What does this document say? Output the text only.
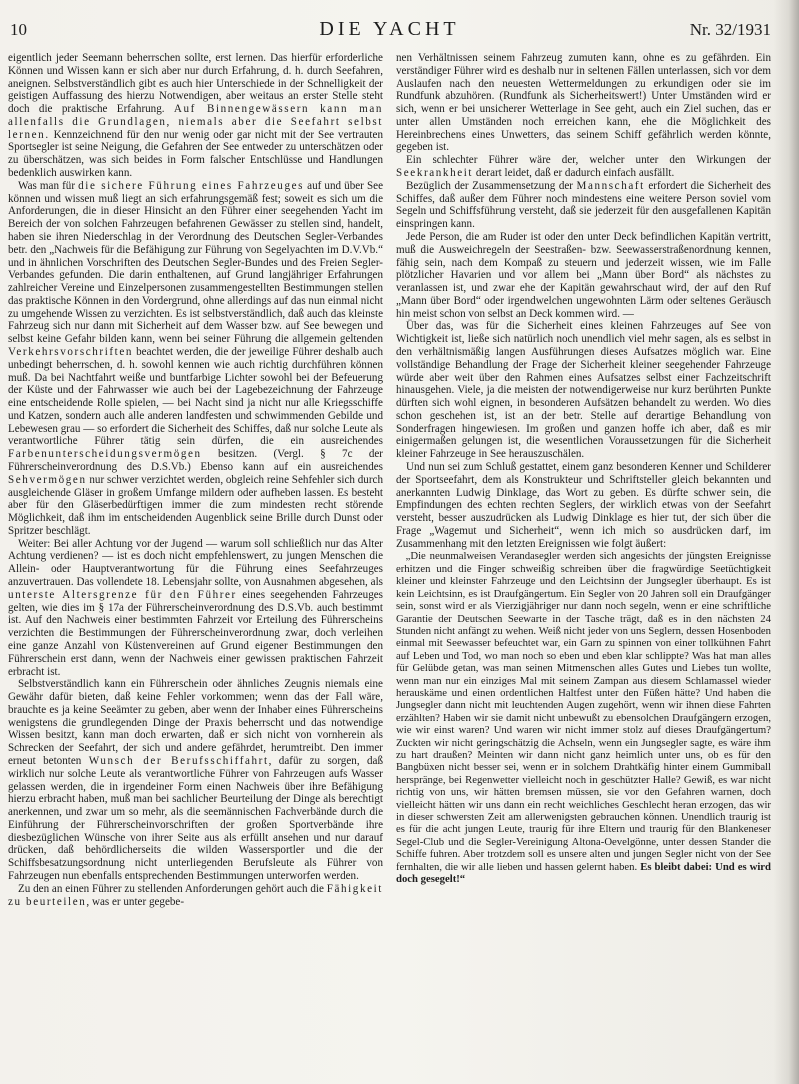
10	DIE YACHT	Nr. 32/1931

eigentlich jeder Seemann beherrschen sollte, erst lernen. Das hierfür erforderliche Können und Wissen kann er sich aber nur durch Erfahrung, d. h. durch Seefahren, aneignen. Selbstverständlich gibt es auch hier Unterschiede in der Schnelligkeit der geistigen Auffassung des hierzu Notwendigen, aber weitaus an erster Stelle steht doch die praktische Erfahrung. Auf Binnengewässern kann man allenfalls die Grundlagen, niemals aber die Seefahrt selbst lernen. Kennzeichnend für den nur wenig oder gar nicht mit der See vertrauten Sportsegler ist seine Neigung, die Gefahren der See entweder zu unterschätzen oder zu überschätzen, was sich beides in Form falscher Entschlüsse und Handlungen bedenklich auswirken kann.

Was man für die sichere Führung eines Fahrzeuges auf und über See können und wissen muß liegt an sich erfahrungsgemäß fest; soweit es sich um die Anforderungen, die in dieser Hinsicht an den Führer einer seegehenden Yacht im Bereich der von solchen Fahrzeugen befahrenen Gewässer zu stellen sind, handelt, haben sie ihren Niederschlag in der Verordnung des Deutschen Segler-Verbandes betr. den „Nachweis für die Befähigung zur Führung von Segelyachten im D.V.Vb.“ und in ähnlichen Vorschriften des Deutschen Segler-Bundes und des Freien Segler-Verbandes gefunden. Die darin enthaltenen, auf Grund langjähriger Erfahrungen zahlreicher Vereine und Einzelpersonen zusammengestellten Bestimmungen stellen das praktische Können in den Vordergrund, ohne allerdings auf das nun einmal nicht zu umgehende Wissen zu verzichten. Es ist selbstverständlich, daß auch das kleinste Fahrzeug sich nur dann mit Sicherheit auf dem Wasser bzw. auf See bewegen und selbst keine Gefahr bilden kann, wenn bei seiner Führung die allgemein geltenden Verkehrsvorschriften beachtet werden, die der jeweilige Führer deshalb auch unbedingt beherrschen, d. h. sowohl kennen wie auch richtig durchführen können muß. Da bei Nachtfahrt weiße und buntfarbige Lichter sowohl bei der Befeuerung der Küste und der Fahrwasser wie auch bei der Lagebezeichnung der Fahrzeuge eine entscheidende Rolle spielen, — bei Nacht sind ja nicht nur alle Kriegsschiffe und Katzen, sondern auch alle anderen landfesten und schwimmenden Gebilde und Lebewesen grau — so erfordert die Sicherheit des Schiffes, daß nur solche Leute als verantwortliche Führer tätig sein dürfen, die ein ausreichendes Farbenunterscheidungsvermögen besitzen. (Vergl. § 7c der Führerscheinverordnung des D.S.Vb.) Ebenso kann auf ein ausreichendes Sehvermögen nur schwer verzichtet werden, obgleich reine Sehfehler sich durch ausgleichende Gläser in großem Umfange mildern oder aufheben lassen. Es besteht aber für den Gläserbedürftigen immer die zum mindesten recht störende Möglichkeit, daß ihm im entscheidenden Augenblick seine Brille durch Dunst oder Spritzer beschlägt.

Weiter: Bei aller Achtung vor der Jugend — warum soll schließlich nur das Alter Achtung verdienen? — ist es doch nicht empfehlenswert, zu jungen Menschen die Allein- oder Hauptverantwortung für die Führung eines Seefahrzeuges anzuvertrauen. Das vollendete 18. Lebensjahr sollte, von Ausnahmen abgesehen, als unterste Altersgrenze für den Führer eines seegehenden Fahrzeuges gelten, wie dies im § 17a der Führerscheinverordnung des D.S.Vb. auch bestimmt ist. Auf den Nachweis einer bestimmten Fahrzeit vor Erteilung des Führerscheins verzichten die Bestimmungen der Führerscheinverordnung zwar, doch verleihen eine ganze Anzahl von Küstenvereinen auf Grund eigener Bestimmungen den Führerschein erst dann, wenn der Nachweis einer gewissen praktischen Fahrzeit erbracht ist.

Selbstverständlich kann ein Führerschein oder ähnliches Zeugnis niemals eine Gewähr dafür bieten, daß keine Fehler vorkommen; wenn das der Fall wäre, brauchte es ja keine Seeämter zu geben, aber wenn der Inhaber eines Führerscheins wenigstens die grundlegenden Dinge der Praxis beherrscht und das notwendige Wissen besitzt, kann man doch erwarten, daß er sich nicht von vornherein als Schrecken der Seefahrt, der sich und andere gefährdet, herumtreibt. Den immer erneut betonten Wunsch der Berufsschiffahrt, dafür zu sorgen, daß wirklich nur solche Leute als verantwortliche Führer von Fahrzeugen aufs Wasser gelassen werden, die in irgendeiner Form einen Nachweis über ihre Befähigung hierzu erbracht haben, muß man bei sachlicher Beurteilung der Dinge als berechtigt anerkennen, und zwar um so mehr, als die seemännischen Fachverbände durch die Einführung der Führerscheinvorschriften der großen Sportverbände ihre diesbezüglichen Wünsche von ihrer Seite aus als erfüllt ansehen und nur darauf drücken, daß behördlicherseits die wilden Wassersportler und die der Schiffsbesatzungsordnung nicht unterliegenden Berufsleute als Führer von Fahrzeugen nun ebenfalls entsprechenden Bestimmungen unterworfen werden.

Zu den an einen Führer zu stellenden Anforderungen gehört auch die Fähigkeit zu beurteilen, was er unter gegebe-

nen Verhältnissen seinem Fahrzeug zumuten kann, ohne es zu gefährden. Ein verständiger Führer wird es deshalb nur in seltenen Fällen unterlassen, sich vor dem Auslaufen nach den neuesten Wettermeldungen zu erkundigen oder sie im Rundfunk abzuhören. (Rundfunk als Sicherheitswert!) Unter Umständen wird er sich, wenn er bei unsicherer Wetterlage in See geht, auch ein Ziel suchen, das er unter allen Umständen noch erreichen kann, ehe die Möglichkeit des Hereinbrechens eines Unwetters, das seinem Schiff gefährlich werden könnte, gegeben ist.

Ein schlechter Führer wäre der, welcher unter den Wirkungen der Seekrankheit derart leidet, daß er dadurch einfach ausfällt.

Bezüglich der Zusammensetzung der Mannschaft erfordert die Sicherheit des Schiffes, daß außer dem Führer noch mindestens eine weitere Person soviel vom Segeln und Schiffsführung versteht, daß sie jederzeit für den ausgefallenen Kapitän einspringen kann.

Jede Person, die am Ruder ist oder den unter Deck befindlichen Kapitän vertritt, muß die Ausweichregeln der Seestraßen- bzw. Seewasserstraßenordnung kennen, fähig sein, nach dem Kompaß zu steuern und jederzeit wissen, wie im Falle plötzlicher Havarien und vor allem bei „Mann über Bord“ als nächstes zu veranlassen ist, und zwar ehe der Kapitän gewahrschaut wird, der auf den Ruf „Mann über Bord“ oder irgendwelchen ungewohnten Lärm oder seltenes Geräusch hin meist schon von selbst an Deck kommen wird. —

Über das, was für die Sicherheit eines kleinen Fahrzeuges auf See von Wichtigkeit ist, ließe sich natürlich noch unendlich viel mehr sagen, als es selbst in den verhältnismäßig langen Ausführungen dieses Aufsatzes möglich war. Eine vollständige Behandlung der Frage der Sicherheit kleiner seegehender Fahrzeuge würde aber weit über den Rahmen eines Aufsatzes selbst einer Fachzeitschrift hinausgehen. Viele, ja die meisten der notwendigerweise nur kurz berührten Punkte dürften sich wohl eignen, in besonderen Aufsätzen behandelt zu werden. Wo dies schon geschehen ist, ist an der betr. Stelle auf derartige Behandlung von Sonderfragen hingewiesen. Im großen und ganzen hoffe ich aber, daß es mir einigermaßen gelungen ist, die wesentlichen Voraussetzungen für die Sicherheit kleiner Fahrzeuge in See herauszuschälen.

Und nun sei zum Schluß gestattet, einem ganz besonderen Kenner und Schilderer der Sportseefahrt, dem als Konstrukteur und Schriftsteller gleich bekannten und anerkannten Ludwig Dinklage, das Wort zu geben. Es dürfte schwer sein, die Empfindungen des echten rechten Seglers, der wirklich etwas von der Seefahrt versteht, besser auszudrücken als Ludwig Dinklage es hier tut, der sich über die Frage „Wagemut und Sicherheit“, wenn ich mich so ausdrücken darf, im Zusammenhang mit den letzten Ereignissen wie folgt äußert:

„Die neunmalweisen Verandasegler werden sich angesichts der jüngsten Ereignisse erhitzen und die Finger schweißig schreiben über die fragwürdige Seetüchtigkeit kleiner und kleinster Fahrzeuge und den Leichtsinn der Jungsegler überhaupt. Es ist kein Leichtsinn, es ist Draufgängertum. Ein Segler von 20 Jahren soll ein Draufgänger sein, sonst wird er als Vierzigjähriger nur dann noch segeln, wenn er eine schriftliche Garantie der Deutschen Seewarte in der Tasche trägt, daß es in den nächsten 24 Stunden nicht anfängt zu wehen. Weiß nicht jeder von uns Seglern, dessen Hosenboden einmal mit Seewasser befeuchtet war, ein Garn zu spinnen von einer tollkühnen Fahrt auf Leben und Tod, wo man noch so eben und eben klar schlippte? Was hat man alles für Gelübde getan, was man seinen Mitmenschen alles Gutes und Liebes tun wollte, wenn man nur ein einziges Mal mit seinem Zampan aus diesem Schlamassel wieder herauskäme und einen ordentlichen Haltfest unter den Füßen hätte? Und haben die Jungsegler dann nicht mit leuchtenden Augen zugehört, wenn wir ihnen diese Fahrten erzählten? Haben wir sie damit nicht unbewußt zu ebensolchen Draufgängern erzogen, wie wir einst waren? Und waren wir nicht immer stolz auf dieses Draufgängertum? Zuckten wir nicht geringschätzig die Achseln, wenn ein Jungsegler sagte, es wäre ihm zu hart draußen? Meinten wir dann nicht ganz heimlich unter uns, ob es für den Bangbüxen nicht besser sei, wenn er in solchem Drahtkäfig hinter einem Gummiball hersprängе, bei Regenwetter vielleicht noch in geschützter Halle? Gewiß, es war nicht richtig von uns, wir hätten bremsen müssen, sie vor den Gefahren warnen, doch vielleicht hätten wir uns dann ein recht weichliches Geschlecht heran erzogen, das wir in dieser schwersten Zeit am allerwenigsten gebrauchen können. Unendlich traurig ist es für die acht jungen Leute, traurig für ihre Eltern und traurig für den Blankeneser Segel-Club und die Segler-Vereinigung Altona-Oevelgönne, unter dessen Stander die Schiffe fuhren. Aber trotzdem soll es unsere alten und jungen Segler nicht von der See fernhalten, die wir alle lieben und hassen gelernt haben. Es bleibt dabei: Und es wird doch gesegelt!“
